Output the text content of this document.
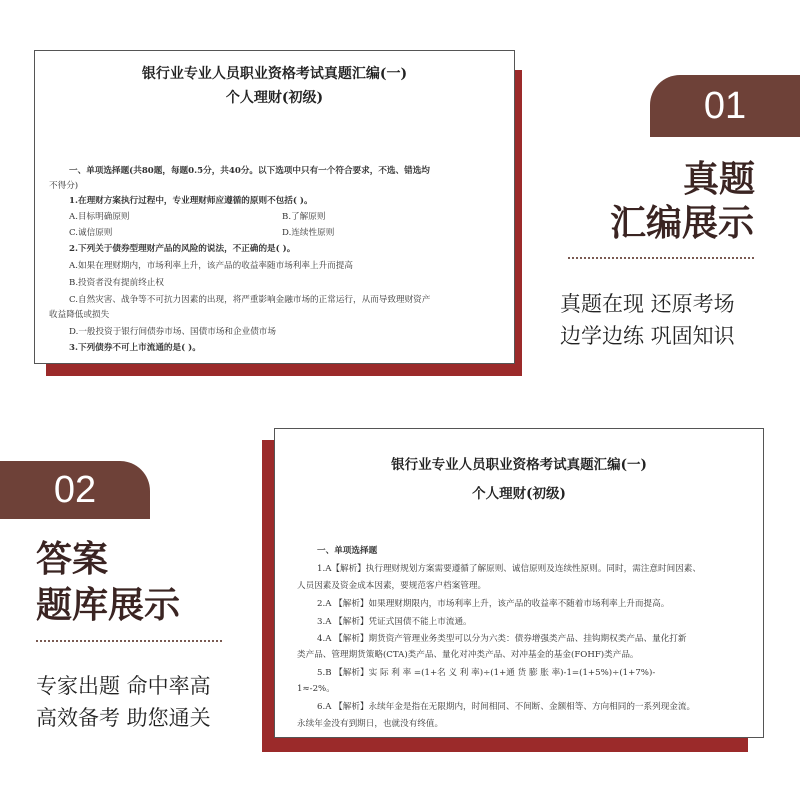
银行业专业人员职业资格考试真题汇编(一)
个人理财(初级)
一、单项选择题(共80题，每题0.5分，共40分。以下选项中只有一个符合要求，不选、错选均
不得分)
1.在理财方案执行过程中，专业理财师应遵循的原则不包括( )。
A.目标明确原则	B.了解原则
C.诚信原则	D.连续性原则
2.下列关于债券型理财产品的风险的说法，不正确的是( )。
A.如果在理财期内，市场利率上升，该产品的收益率随市场利率上升而提高
B.投资者没有提前终止权
C.自然灾害、战争等不可抗力因素的出现，将严重影响金融市场的正常运行，从而导致理财资产
收益降低或损失
D.一般投资于银行间债券市场、国债市场和企业债市场
3.下列债券不可上市流通的是( )。
01
真题
汇编展示
真题在现 还原考场
边学边练 巩固知识
银行业专业人员职业资格考试真题汇编(一)
个人理财(初级)
一、单项选择题
1.A【解析】执行理财规划方案需要遵循了解原则、诚信原则及连续性原则。同时，需注意时间因素、
人员因素及资金成本因素，要规范客户档案管理。
2.A 【解析】如果理财期限内，市场利率上升，该产品的收益率不随着市场利率上升而提高。
3.A 【解析】凭证式国债不能上市流通。
4.A 【解析】期货资产管理业务类型可以分为六类：债券增强类产品、挂钩期权类产品、量化打新
类产品、管理期货策略(CTA)类产品、量化对冲类产品、对冲基金的基金(FOHF)类产品。
5.B 【解析】实 际 利 率 =(1+名 义 利 率)÷(1+通 货 膨 胀 率)-1=(1+5%)÷(1+7%)-
1≈-2%。
6.A 【解析】永续年金是指在无限期内，时间相同、不间断、金额相等、方向相同的一系列现金流。
永续年金没有到期日，也就没有终值。
02
答案
题库展示
专家出题 命中率高
高效备考 助您通关
